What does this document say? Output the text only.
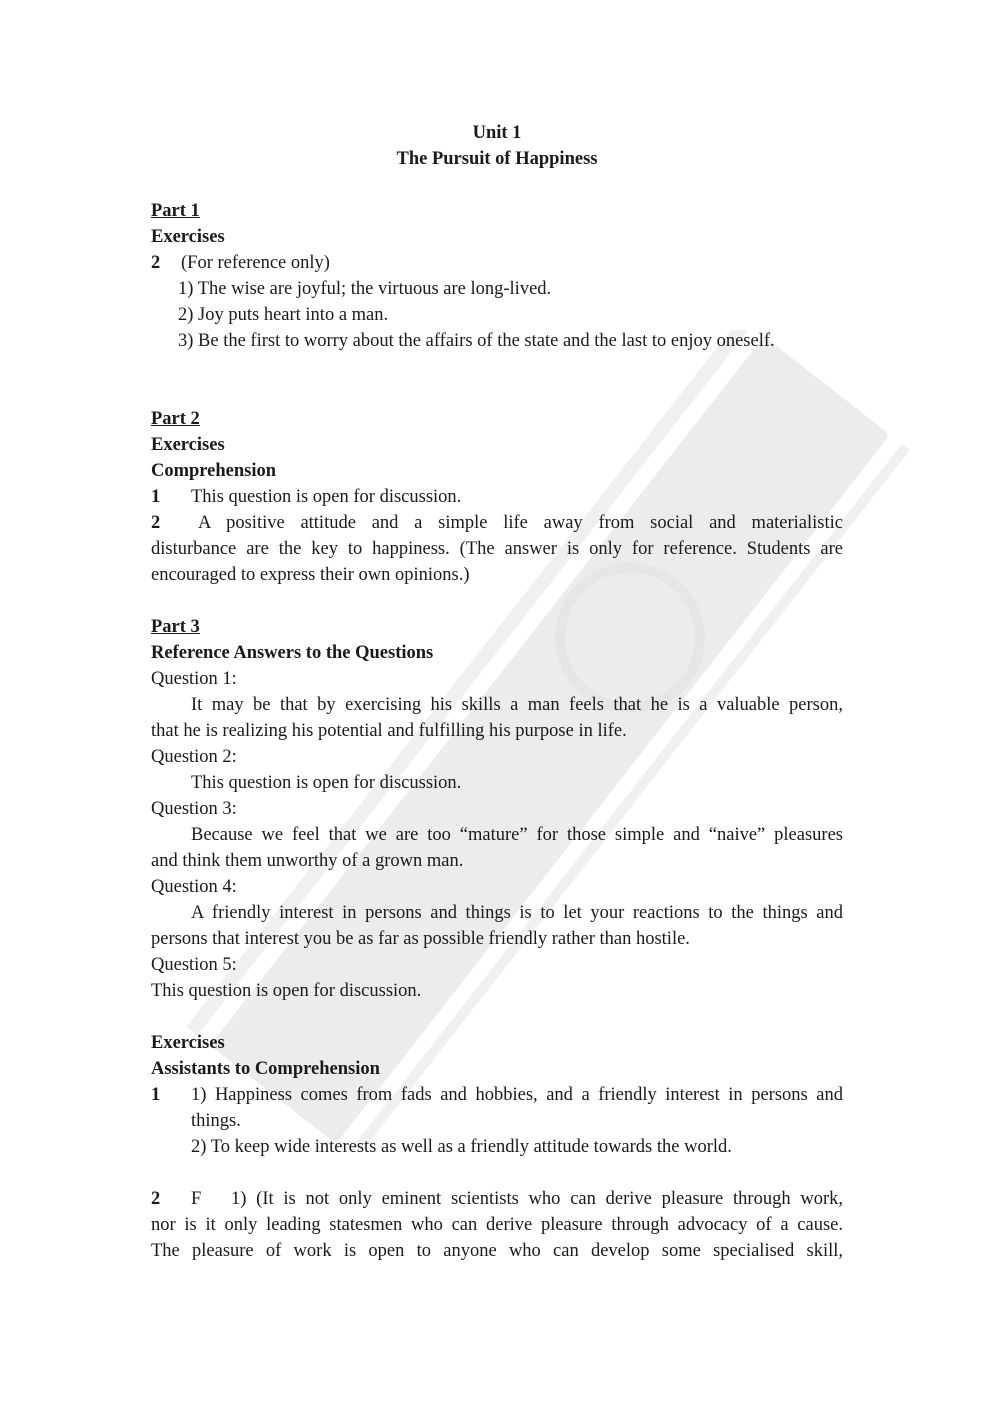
Unit 1
The Pursuit of Happiness
Part 1
Exercises
2 (For reference only)
1) The wise are joyful; the virtuous are long-lived.
2) Joy puts heart into a man.
3) Be the first to worry about the affairs of the state and the last to enjoy oneself.
Part 2
Exercises
Comprehension
1 This question is open for discussion.
2	A positive attitude and a simple life away from social and materialistic
disturbance are the key to happiness. (The answer is only for reference. Students are
encouraged to express their own opinions.)
Part 3
Reference Answers to the Questions
Question 1:
It may be that by exercising his skills a man feels that he is a valuable person,
that he is realizing his potential and fulfilling his purpose in life.
Question 2:
This question is open for discussion.
Question 3:
Because we feel that we are too “mature” for those simple and “naive” pleasures
and think them unworthy of a grown man.
Question 4:
A friendly interest in persons and things is to let your reactions to the things and
persons that interest you be as far as possible friendly rather than hostile.
Question 5:
This question is open for discussion.
Exercises
Assistants to Comprehension
1	1) Happiness comes from fads and hobbies, and a friendly interest in persons and
things.
2) To keep wide interests as well as a friendly attitude towards the world.
2	F	1) (It is not only eminent scientists who can derive pleasure through work,
nor is it only leading statesmen who can derive pleasure through advocacy of a cause.
The pleasure of work is open to anyone who can develop some specialised skill,
